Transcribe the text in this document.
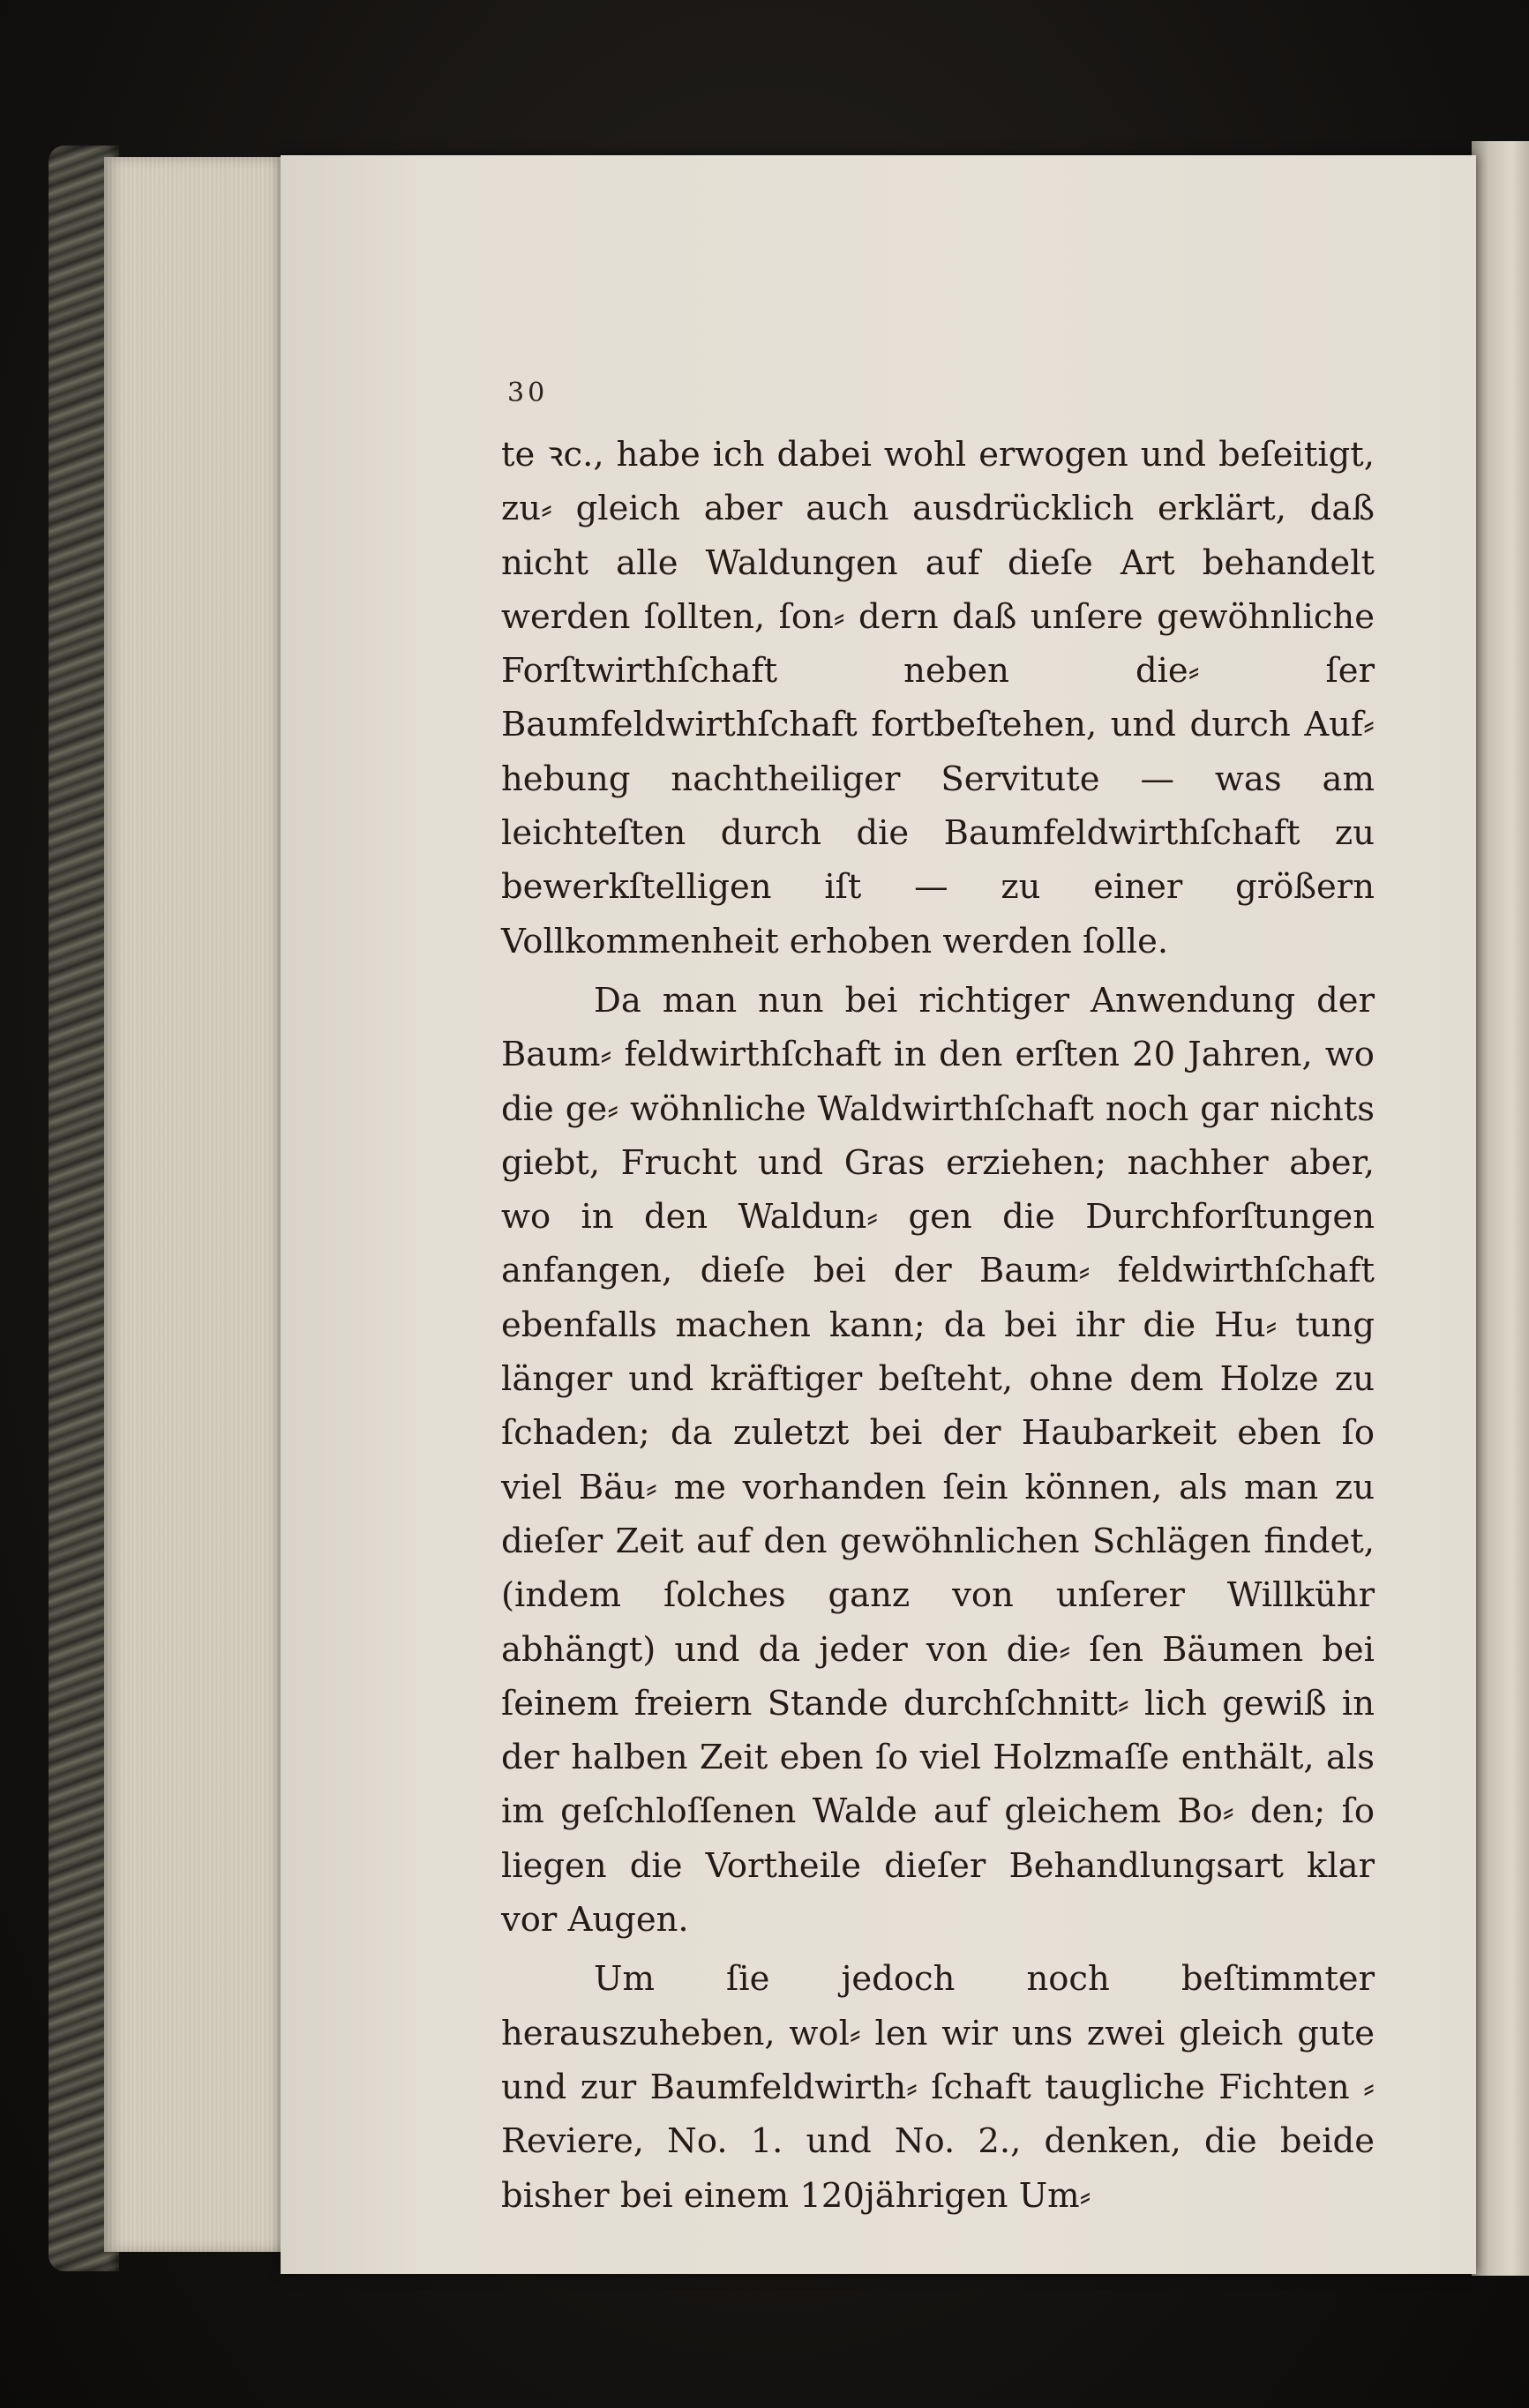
30

te ꝛc., habe ich dabei wohl erwogen und beſeitigt, zu⸗ gleich aber auch ausdrücklich erklärt, daß nicht alle Waldungen auf dieſe Art behandelt werden ſollten, ſon⸗ dern daß unſere gewöhnliche Forſtwirthſchaft neben die⸗ ſer Baumfeldwirthſchaft fortbeſtehen, und durch Auf⸗ hebung nachtheiliger Servitute — was am leichteſten durch die Baumfeldwirthſchaft zu bewerkſtelligen iſt — zu einer größern Vollkommenheit erhoben werden ſolle.

Da man nun bei richtiger Anwendung der Baum⸗ feldwirthſchaft in den erſten 20 Jahren, wo die ge⸗ wöhnliche Waldwirthſchaft noch gar nichts giebt, Frucht und Gras erziehen; nachher aber, wo in den Waldun⸗ gen die Durchforſtungen anfangen, dieſe bei der Baum⸗ feldwirthſchaft ebenfalls machen kann; da bei ihr die Hu⸗ tung länger und kräftiger beſteht, ohne dem Holze zu ſchaden; da zuletzt bei der Haubarkeit eben ſo viel Bäu⸗ me vorhanden ſein können, als man zu dieſer Zeit auf den gewöhnlichen Schlägen findet, (indem ſolches ganz von unſerer Willkühr abhängt) und da jeder von die⸗ ſen Bäumen bei ſeinem freiern Stande durchſchnitt⸗ lich gewiß in der halben Zeit eben ſo viel Holzmaſſe enthält, als im geſchloſſenen Walde auf gleichem Bo⸗ den; ſo liegen die Vortheile dieſer Behandlungsart klar vor Augen.

Um ſie jedoch noch beſtimmter herauszuheben, wol⸗ len wir uns zwei gleich gute und zur Baumfeldwirth⸗ ſchaft taugliche Fichten ⸗ Reviere, No. 1. und No. 2., denken, die beide bisher bei einem 120jährigen Um⸗
